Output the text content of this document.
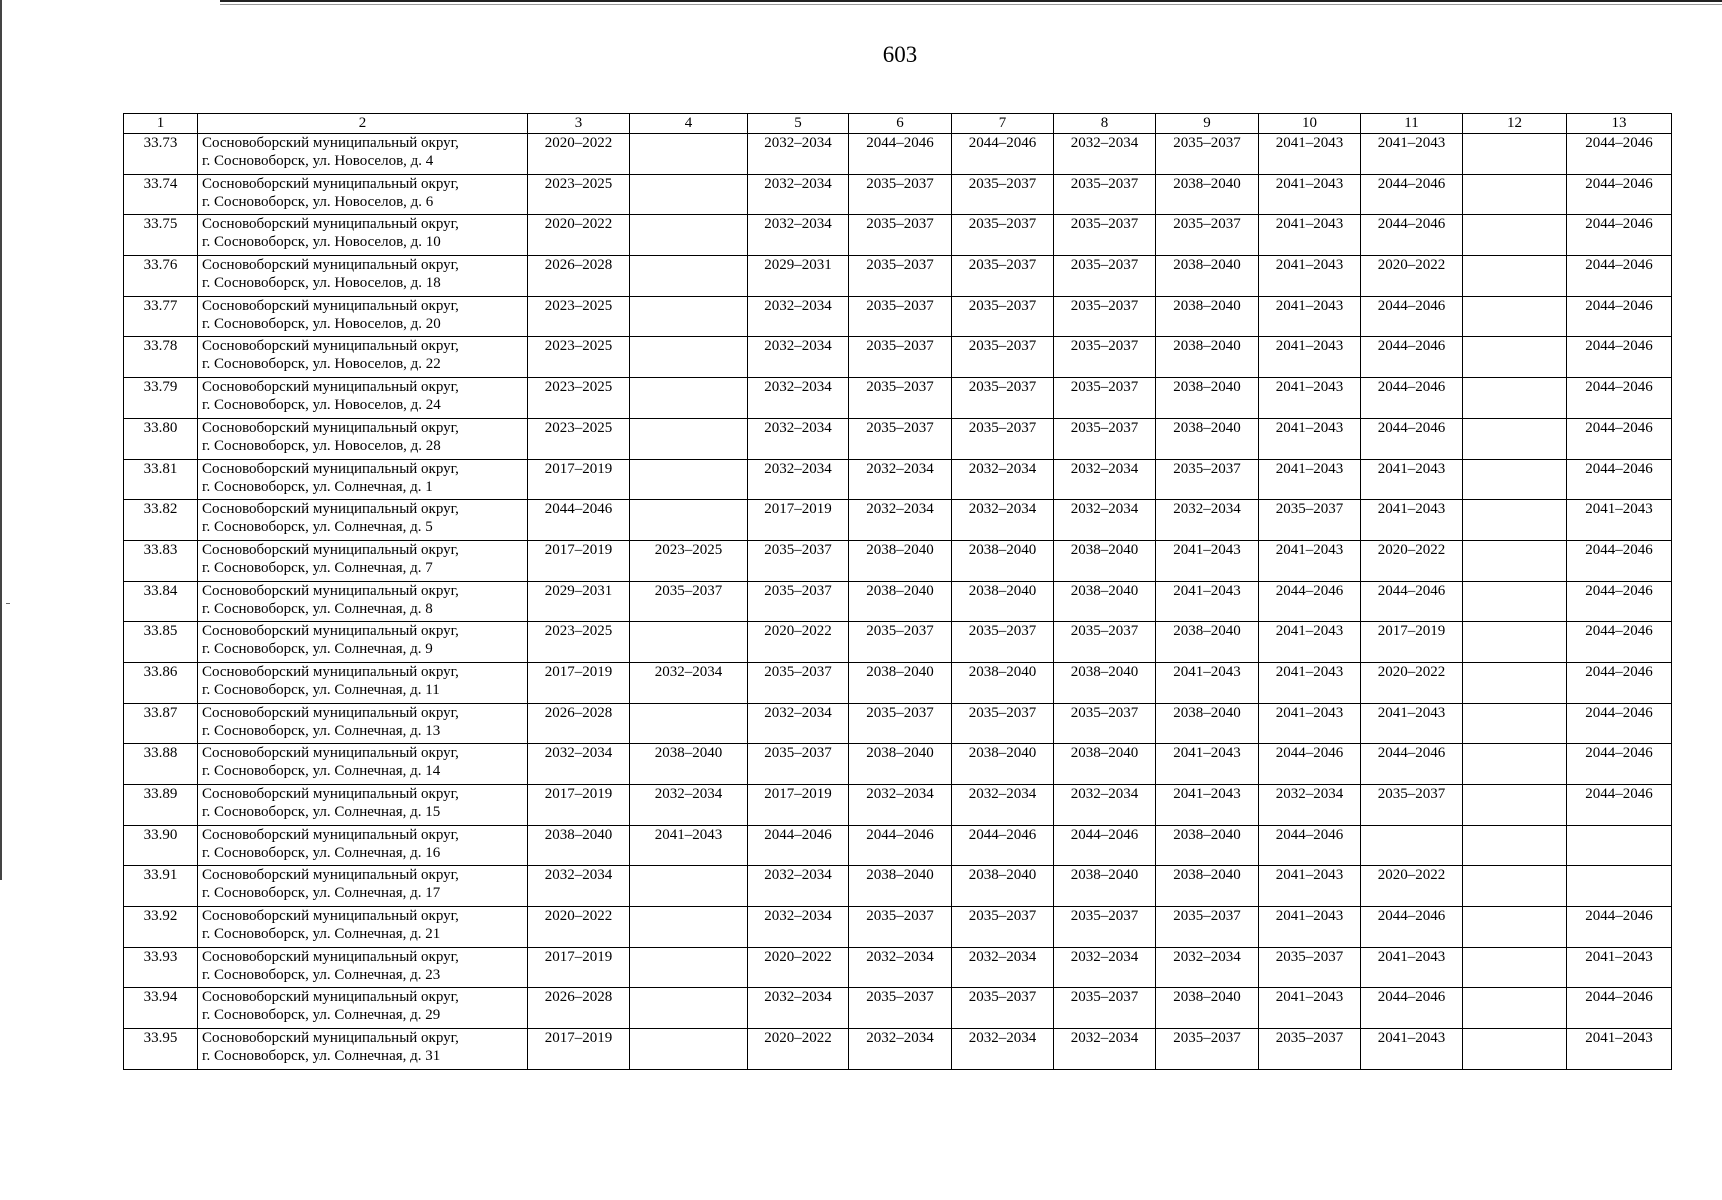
603
1	2	3	4	5	6	7	8	9	10	11	12	13
33.73	Сосновоборский муниципальный округ,
г. Сосновоборск, ул. Новоселов, д. 4	2020–2022		2032–2034	2044–2046	2044–2046	2032–2034	2035–2037	2041–2043	2041–2043		2044–2046
33.74	Сосновоборский муниципальный округ,
г. Сосновоборск, ул. Новоселов, д. 6	2023–2025		2032–2034	2035–2037	2035–2037	2035–2037	2038–2040	2041–2043	2044–2046		2044–2046
33.75	Сосновоборский муниципальный округ,
г. Сосновоборск, ул. Новоселов, д. 10	2020–2022		2032–2034	2035–2037	2035–2037	2035–2037	2035–2037	2041–2043	2044–2046		2044–2046
33.76	Сосновоборский муниципальный округ,
г. Сосновоборск, ул. Новоселов, д. 18	2026–2028		2029–2031	2035–2037	2035–2037	2035–2037	2038–2040	2041–2043	2020–2022		2044–2046
33.77	Сосновоборский муниципальный округ,
г. Сосновоборск, ул. Новоселов, д. 20	2023–2025		2032–2034	2035–2037	2035–2037	2035–2037	2038–2040	2041–2043	2044–2046		2044–2046
33.78	Сосновоборский муниципальный округ,
г. Сосновоборск, ул. Новоселов, д. 22	2023–2025		2032–2034	2035–2037	2035–2037	2035–2037	2038–2040	2041–2043	2044–2046		2044–2046
33.79	Сосновоборский муниципальный округ,
г. Сосновоборск, ул. Новоселов, д. 24	2023–2025		2032–2034	2035–2037	2035–2037	2035–2037	2038–2040	2041–2043	2044–2046		2044–2046
33.80	Сосновоборский муниципальный округ,
г. Сосновоборск, ул. Новоселов, д. 28	2023–2025		2032–2034	2035–2037	2035–2037	2035–2037	2038–2040	2041–2043	2044–2046		2044–2046
33.81	Сосновоборский муниципальный округ,
г. Сосновоборск, ул. Солнечная, д. 1	2017–2019		2032–2034	2032–2034	2032–2034	2032–2034	2035–2037	2041–2043	2041–2043		2044–2046
33.82	Сосновоборский муниципальный округ,
г. Сосновоборск, ул. Солнечная, д. 5	2044–2046		2017–2019	2032–2034	2032–2034	2032–2034	2032–2034	2035–2037	2041–2043		2041–2043
33.83	Сосновоборский муниципальный округ,
г. Сосновоборск, ул. Солнечная, д. 7	2017–2019	2023–2025	2035–2037	2038–2040	2038–2040	2038–2040	2041–2043	2041–2043	2020–2022		2044–2046
33.84	Сосновоборский муниципальный округ,
г. Сосновоборск, ул. Солнечная, д. 8	2029–2031	2035–2037	2035–2037	2038–2040	2038–2040	2038–2040	2041–2043	2044–2046	2044–2046		2044–2046
33.85	Сосновоборский муниципальный округ,
г. Сосновоборск, ул. Солнечная, д. 9	2023–2025		2020–2022	2035–2037	2035–2037	2035–2037	2038–2040	2041–2043	2017–2019		2044–2046
33.86	Сосновоборский муниципальный округ,
г. Сосновоборск, ул. Солнечная, д. 11	2017–2019	2032–2034	2035–2037	2038–2040	2038–2040	2038–2040	2041–2043	2041–2043	2020–2022		2044–2046
33.87	Сосновоборский муниципальный округ,
г. Сосновоборск, ул. Солнечная, д. 13	2026–2028		2032–2034	2035–2037	2035–2037	2035–2037	2038–2040	2041–2043	2041–2043		2044–2046
33.88	Сосновоборский муниципальный округ,
г. Сосновоборск, ул. Солнечная, д. 14	2032–2034	2038–2040	2035–2037	2038–2040	2038–2040	2038–2040	2041–2043	2044–2046	2044–2046		2044–2046
33.89	Сосновоборский муниципальный округ,
г. Сосновоборск, ул. Солнечная, д. 15	2017–2019	2032–2034	2017–2019	2032–2034	2032–2034	2032–2034	2041–2043	2032–2034	2035–2037		2044–2046
33.90	Сосновоборский муниципальный округ,
г. Сосновоборск, ул. Солнечная, д. 16	2038–2040	2041–2043	2044–2046	2044–2046	2044–2046	2044–2046	2038–2040	2044–2046			
33.91	Сосновоборский муниципальный округ,
г. Сосновоборск, ул. Солнечная, д. 17	2032–2034		2032–2034	2038–2040	2038–2040	2038–2040	2038–2040	2041–2043	2020–2022		
33.92	Сосновоборский муниципальный округ,
г. Сосновоборск, ул. Солнечная, д. 21	2020–2022		2032–2034	2035–2037	2035–2037	2035–2037	2035–2037	2041–2043	2044–2046		2044–2046
33.93	Сосновоборский муниципальный округ,
г. Сосновоборск, ул. Солнечная, д. 23	2017–2019		2020–2022	2032–2034	2032–2034	2032–2034	2032–2034	2035–2037	2041–2043		2041–2043
33.94	Сосновоборский муниципальный округ,
г. Сосновоборск, ул. Солнечная, д. 29	2026–2028		2032–2034	2035–2037	2035–2037	2035–2037	2038–2040	2041–2043	2044–2046		2044–2046
33.95	Сосновоборский муниципальный округ,
г. Сосновоборск, ул. Солнечная, д. 31	2017–2019		2020–2022	2032–2034	2032–2034	2032–2034	2035–2037	2035–2037	2041–2043		2041–2043
